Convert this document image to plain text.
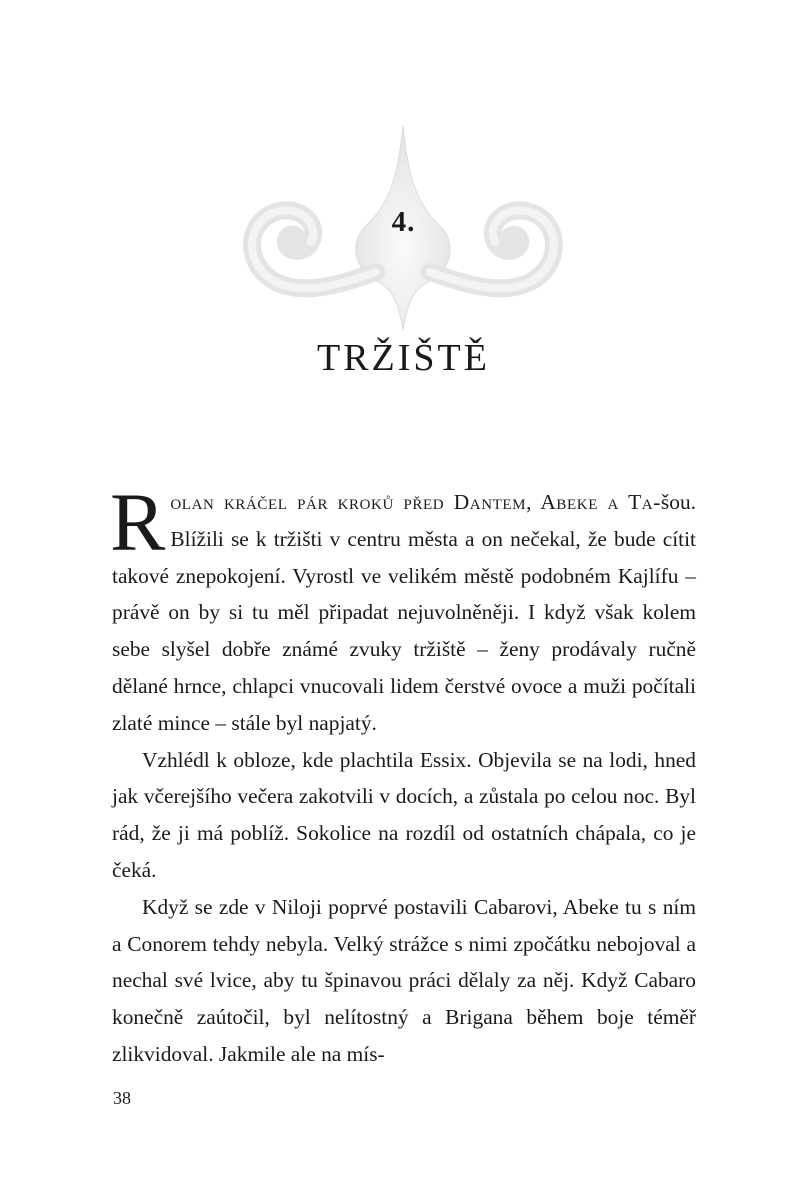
4.
TRŽIŠTĚ

Rolan kráčel pár kroků před Dantem, Abeke a Ta-šou. Blížili se k tržišti v centru města a on nečekal, že bude cítit takové znepokojení. Vyrostl ve velikém městě podobném Kajlífu – právě on by si tu měl připadat nejuvolněněji. I když však kolem sebe slyšel dobře známé zvuky tržiště – ženy prodávaly ručně dělané hrnce, chlapci vnucovali lidem čerstvé ovoce a muži počítali zlaté mince – stále byl napjatý.

Vzhlédl k obloze, kde plachtila Essix. Objevila se na lodi, hned jak včerejšího večera zakotvili v docích, a zůstala po celou noc. Byl rád, že ji má poblíž. Sokolice na rozdíl od ostatních chápala, co je čeká.

Když se zde v Niloji poprvé postavili Cabarovi, Abeke tu s ním a Conorem tehdy nebyla. Velký strážce s nimi zpočátku nebojoval a nechal své lvice, aby tu špinavou práci dělaly za něj. Když Cabaro konečně zaútočil, byl nelítostný a Brigana během boje téměř zlikvidoval. Jakmile ale na mís-

38
